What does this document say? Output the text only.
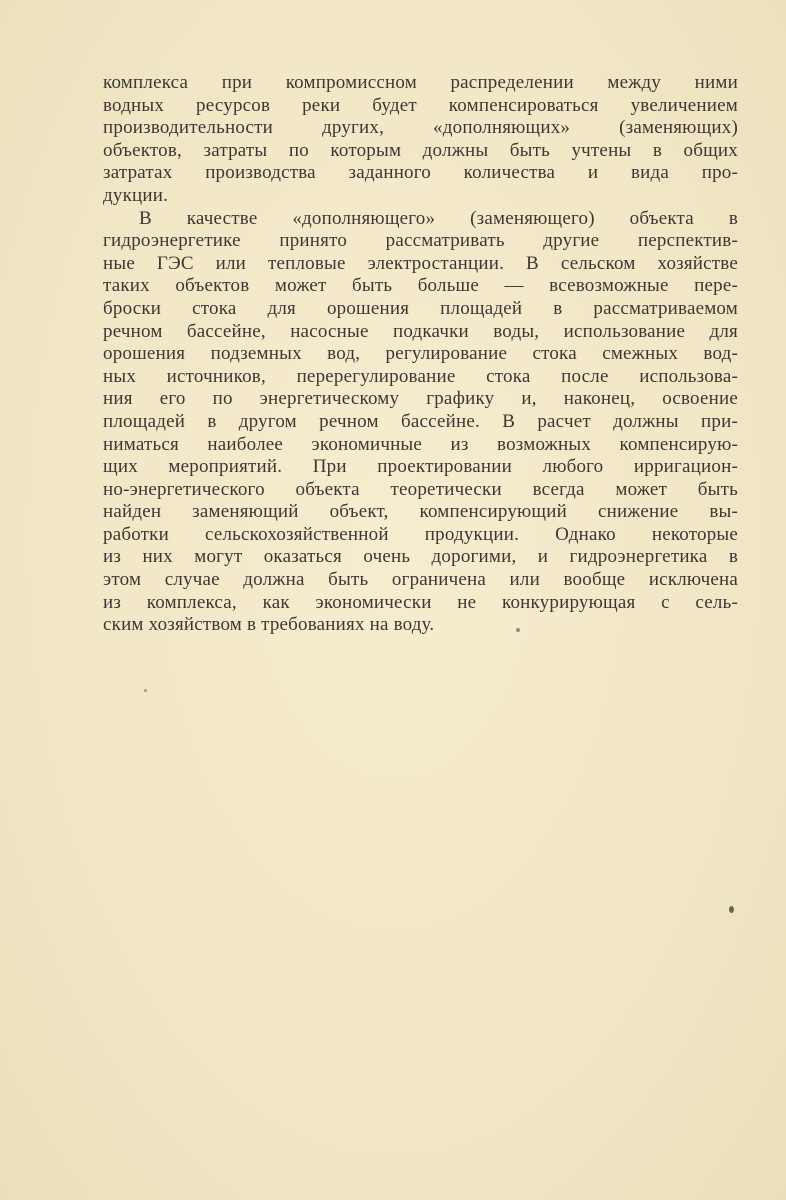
комплекса при компромиссном распределении между ними
водных ресурсов реки будет компенсироваться увеличением
производительности других, «дополняющих» (заменяющих)
объектов, затраты по которым должны быть учтены в общих
затратах производства заданного количества и вида про-
дукции.
В качестве «дополняющего» (заменяющего) объекта в
гидроэнергетике принято рассматривать другие перспектив-
ные ГЭС или тепловые электростанции. В сельском хозяйстве
таких объектов может быть больше — всевозможные пере-
броски стока для орошения площадей в рассматриваемом
речном бассейне, насосные подкачки воды, использование для
орошения подземных вод, регулирование стока смежных вод-
ных источников, перерегулирование стока после использова-
ния его по энергетическому графику и, наконец, освоение
площадей в другом речном бассейне. В расчет должны при-
ниматься наиболее экономичные из возможных компенсирую-
щих мероприятий. При проектировании любого ирригацион-
но-энергетического объекта теоретически всегда может быть
найден заменяющий объект, компенсирующий снижение вы-
работки сельскохозяйственной продукции. Однако некоторые
из них могут оказаться очень дорогими, и гидроэнергетика в
этом случае должна быть ограничена или вообще исключена
из комплекса, как экономически не конкурирующая с сель-
ским хозяйством в требованиях на воду.
